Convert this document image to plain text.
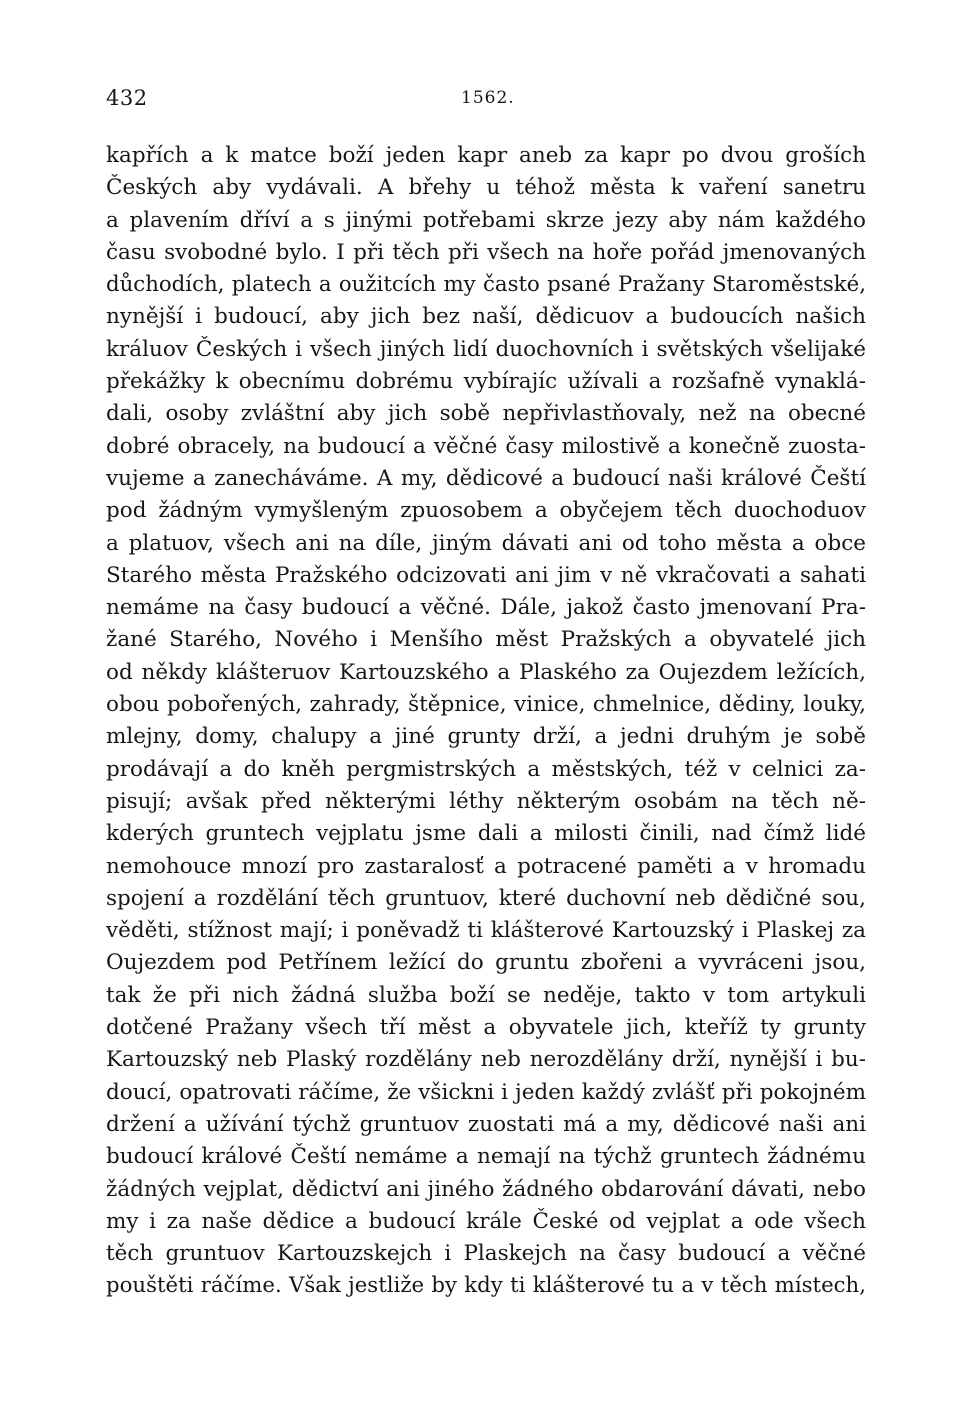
432	1562.
kapřích a k matce boží jeden kapr aneb za kapr po dvou groších
Českých aby vydávali. A břehy u téhož města k vaření sanetru
a plavením dříví a s jinými potřebami skrze jezy aby nám každého
času svobodné bylo. I při těch při všech na hoře pořád jmenovaných
důchodích, platech a oužitcích my často psané Pražany Staroměstské,
nynější i budoucí, aby jich bez naší, dědicuov a budoucích našich
králuov Českých i všech jiných lidí duochovních i světských všelijaké
překážky k obecnímu dobrému vybírajíc užívali a rozšafně vynaklá-
dali, osoby zvláštní aby jich sobě nepřivlastňovaly, než na obecné
dobré obracely, na budoucí a věčné časy milostivě a konečně zuosta-
vujeme a zanecháváme. A my, dědicové a budoucí naši králové Čeští
pod žádným vymyšleným zpuosobem a obyčejem těch duochoduov
a platuov, všech ani na díle, jiným dávati ani od toho města a obce
Starého města Pražského odcizovati ani jim v ně vkračovati a sahati
nemáme na časy budoucí a věčné. Dále, jakož často jmenovaní Pra-
žané Starého, Nového i Menšího měst Pražských a obyvatelé jich
od někdy klášteruov Kartouzského a Plaského za Oujezdem ležících,
obou pobořených, zahrady, štěpnice, vinice, chmelnice, dědiny, louky,
mlejny, domy, chalupy a jiné grunty drží, a jedni druhým je sobě
prodávají a do kněh pergmistrských a městských, též v celnici za-
pisují; avšak před některými léthy některým osobám na těch ně-
kderých gruntech vejplatu jsme dali a milosti činili, nad čímž lidé
nemohouce mnozí pro zastaralosť a potracené paměti a v hromadu
spojení a rozdělání těch gruntuov, které duchovní neb dědičné sou,
věděti, stížnost mají; i poněvadž ti klášterové Kartouzský i Plaskej za
Oujezdem pod Petřínem ležící do gruntu zbořeni a vyvráceni jsou,
tak že při nich žádná služba boží se neděje, takto v tom artykuli
dotčené Pražany všech tří měst a obyvatele jich, kteříž ty grunty
Kartouzský neb Plaský rozdělány neb nerozdělány drží, nynější i bu-
doucí, opatrovati ráčíme, že všickni i jeden každý zvlášť při pokojném
držení a užívání týchž gruntuov zuostati má a my, dědicové naši ani
budoucí králové Čeští nemáme a nemají na týchž gruntech žádnému
žádných vejplat, dědictví ani jiného žádného obdarování dávati, nebo
my i za naše dědice a budoucí krále České od vejplat a ode všech
těch gruntuov Kartouzskejch i Plaskejch na časy budoucí a věčné
pouštěti ráčíme. Však jestliže by kdy ti klášterové tu a v těch místech,
